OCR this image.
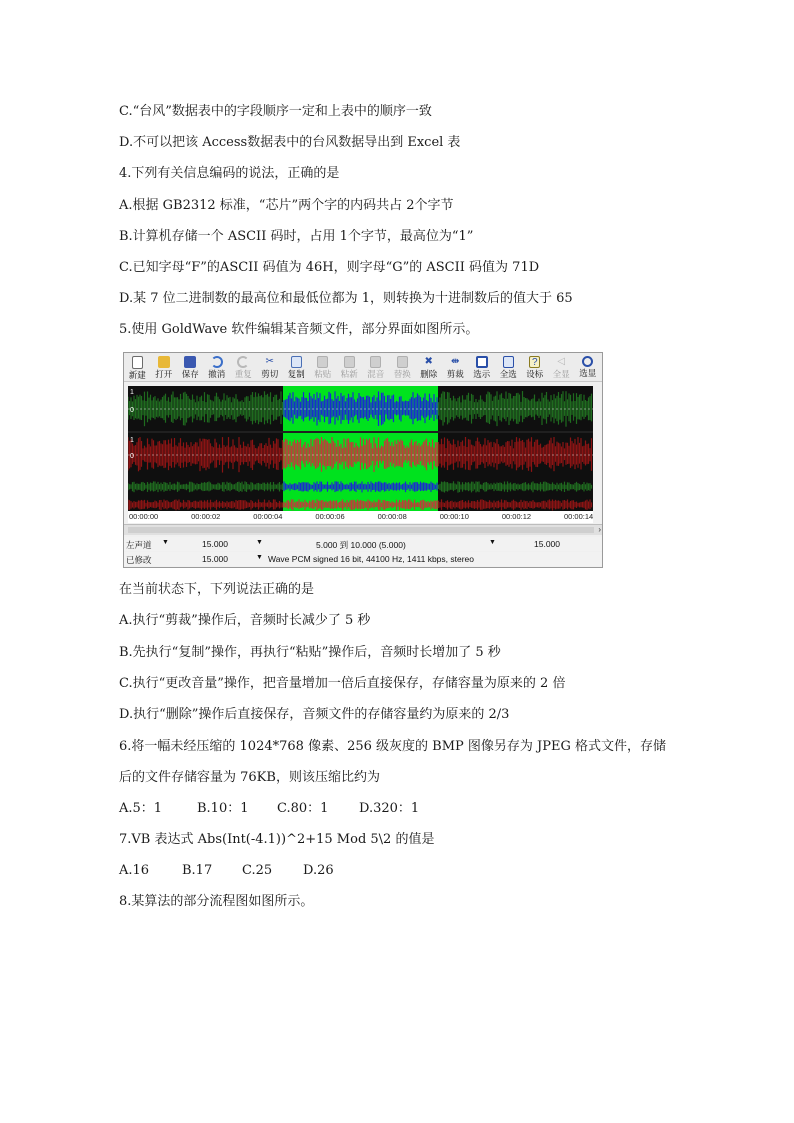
C.“台风”数据表中的字段顺序一定和上表中的顺序一致
D.不可以把该 Access数据表中的台风数据导出到 Excel 表
4.下列有关信息编码的说法，正确的是
A.根据 GB2312 标准，“芯片”两个字的内码共占 2个字节
B.计算机存储一个 ASCII 码时，占用 1个字节，最高位为“1”
C.已知字母“F”的ASCII 码值为 46H，则字母“G”的 ASCII 码值为 71D
D.某 7 位二进制数的最高位和最低位都为 1，则转换为十进制数后的值大于 65
5.使用 GoldWave 软件编辑某音频文件，部分界面如图所示。
新建 打开 保存 撤消 重复
✂
剪切 复制 粘贴 粘新 混音 替换
✖
删除
⇹
剪裁 选示 全选
?
设标
◁
全显 选显
1
0
1
0
00:00:00	00:00:02	00:00:04	00:00:06	00:00:08	00:00:10	00:00:12	00:00:14
›
左声道 ▼	15.000	▼	5.000 到 10.000 (5.000)	▼	15.000
已修改	15.000	▼ Wave PCM signed 16 bit, 44100 Hz, 1411 kbps, stereo
在当前状态下，下列说法正确的是
A.执行“剪裁”操作后，音频时长减少了 5 秒
B.先执行“复制”操作，再执行“粘贴”操作后，音频时长增加了 5 秒
C.执行“更改音量”操作，把音量增加一倍后直接保存，存储容量为原来的 2 倍
D.执行“删除”操作后直接保存，音频文件的存储容量约为原来的 2/3
6.将一幅未经压缩的 1024*768 像素、256 级灰度的 BMP 图像另存为 JPEG 格式文件，存储
后的文件存储容量为 76KB，则该压缩比约为
A.5：1	B.10：1 C.80：1 D.320：1
7.VB 表达式 Abs(Int(-4.1))^2+15 Mod 5\2 的值是
A.16	B.17 C.25 D.26
8.某算法的部分流程图如图所示。
